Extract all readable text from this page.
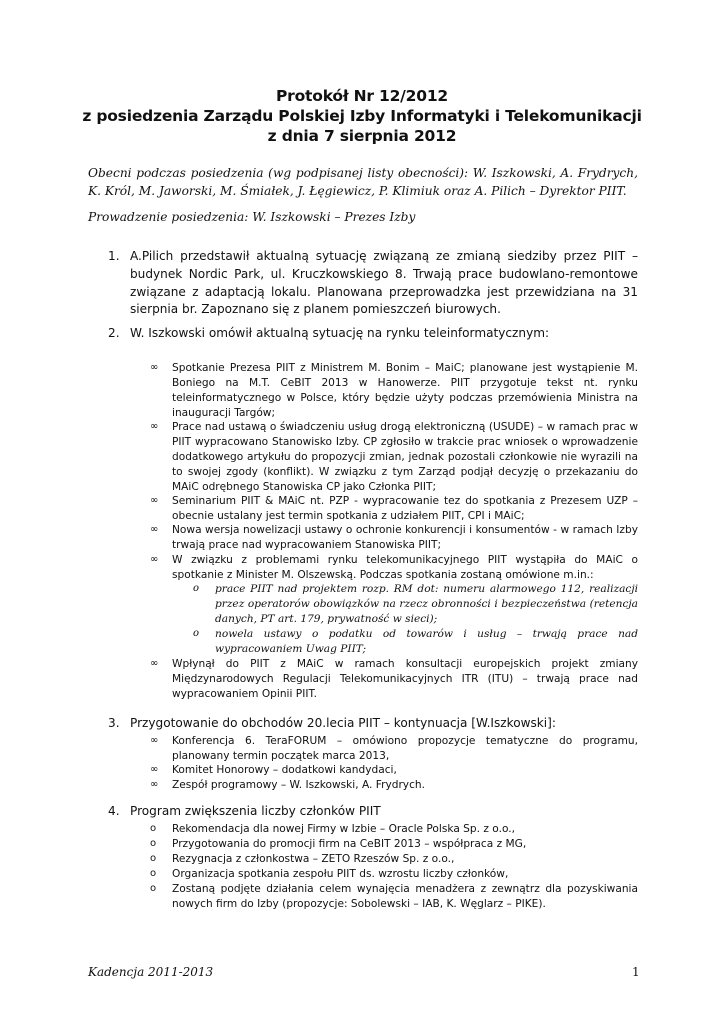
Protokół Nr 12/2012
z posiedzenia Zarządu Polskiej Izby Informatyki i Telekomunikacji
z dnia 7 sierpnia 2012
Obecni podczas posiedzenia (wg podpisanej listy obecności): W. Iszkowski, A. Frydrych, K. Król, M. Jaworski, M. Śmiałek, J. Łęgiewicz, P. Klimiuk oraz A. Pilich – Dyrektor PIIT.
Prowadzenie posiedzenia: W. Iszkowski – Prezes Izby
1. A.Pilich przedstawił aktualną sytuację związaną ze zmianą siedziby przez PIIT – budynek Nordic Park, ul. Kruczkowskiego 8. Trwają prace budowlano-remontowe związane z adaptacją lokalu. Planowana przeprowadzka jest przewidziana na 31 sierpnia br. Zapoznano się z planem pomieszczeń biurowych.
2. W. Iszkowski omówił aktualną sytuację na rynku teleinformatycznym:
∞ Spotkanie Prezesa PIIT z Ministrem M. Bonim – MaiC; planowane jest wystąpienie M. Boniego na M.T. CeBIT 2013 w Hanowerze. PIIT przygotuje tekst nt. rynku teleinformatycznego w Polsce, który będzie użyty podczas przemówienia Ministra na inauguracji Targów;
∞ Prace nad ustawą o świadczeniu usług drogą elektroniczną (USUDE) – w ramach prac w PIIT wypracowano Stanowisko Izby. CP zgłosiło w trakcie prac wniosek o wprowadzenie dodatkowego artykułu do propozycji zmian, jednak pozostali członkowie nie wyrazili na to swojej zgody (konflikt). W związku z tym Zarząd podjął decyzję o przekazaniu do MAiC odrębnego Stanowiska CP jako Członka PIIT;
∞ Seminarium PIIT & MAiC nt. PZP - wypracowanie tez do spotkania z Prezesem UZP – obecnie ustalany jest termin spotkania z udziałem PIIT, CPI i MAiC;
∞ Nowa wersja nowelizacji ustawy o ochronie konkurencji i konsumentów - w ramach Izby trwają prace nad wypracowaniem Stanowiska PIIT;
∞ W związku z problemami rynku telekomunikacyjnego PIIT wystąpiła do MAiC o spotkanie z Minister M. Olszewską. Podczas spotkania zostaną omówione m.in.:
o prace PIIT nad projektem rozp. RM dot: numeru alarmowego 112, realizacji przez operatorów obowiązków na rzecz obronności i bezpieczeństwa (retencja danych, PT art. 179, prywatność w sieci);
o nowela ustawy o podatku od towarów i usług – trwają prace nad wypracowaniem Uwag PIIT;
∞ Wpłynął do PIIT z MAiC w ramach konsultacji europejskich projekt zmiany Międzynarodowych Regulacji Telekomunikacyjnych ITR (ITU) – trwają prace nad wypracowaniem Opinii PIIT.
3. Przygotowanie do obchodów 20.lecia PIIT – kontynuacja [W.Iszkowski]:
∞ Konferencja 6. TeraFORUM – omówiono propozycje tematyczne do programu, planowany termin początek marca 2013,
∞ Komitet Honorowy – dodatkowi kandydaci,
∞ Zespół programowy – W. Iszkowski, A. Frydrych.
4. Program zwiększenia liczby członków PIIT
o Rekomendacja dla nowej Firmy w Izbie – Oracle Polska Sp. z o.o.,
o Przygotowania do promocji firm na CeBIT 2013 – współpraca z MG,
o Rezygnacja z członkostwa – ZETO Rzeszów Sp. z o.o.,
o Organizacja spotkania zespołu PIIT ds. wzrostu liczby członków,
o Zostaną podjęte działania celem wynajęcia menadżera z zewnątrz dla pozyskiwania nowych firm do Izby (propozycje: Sobolewski – IAB, K. Węglarz – PIKE).
Kadencja 2011-2013	1
